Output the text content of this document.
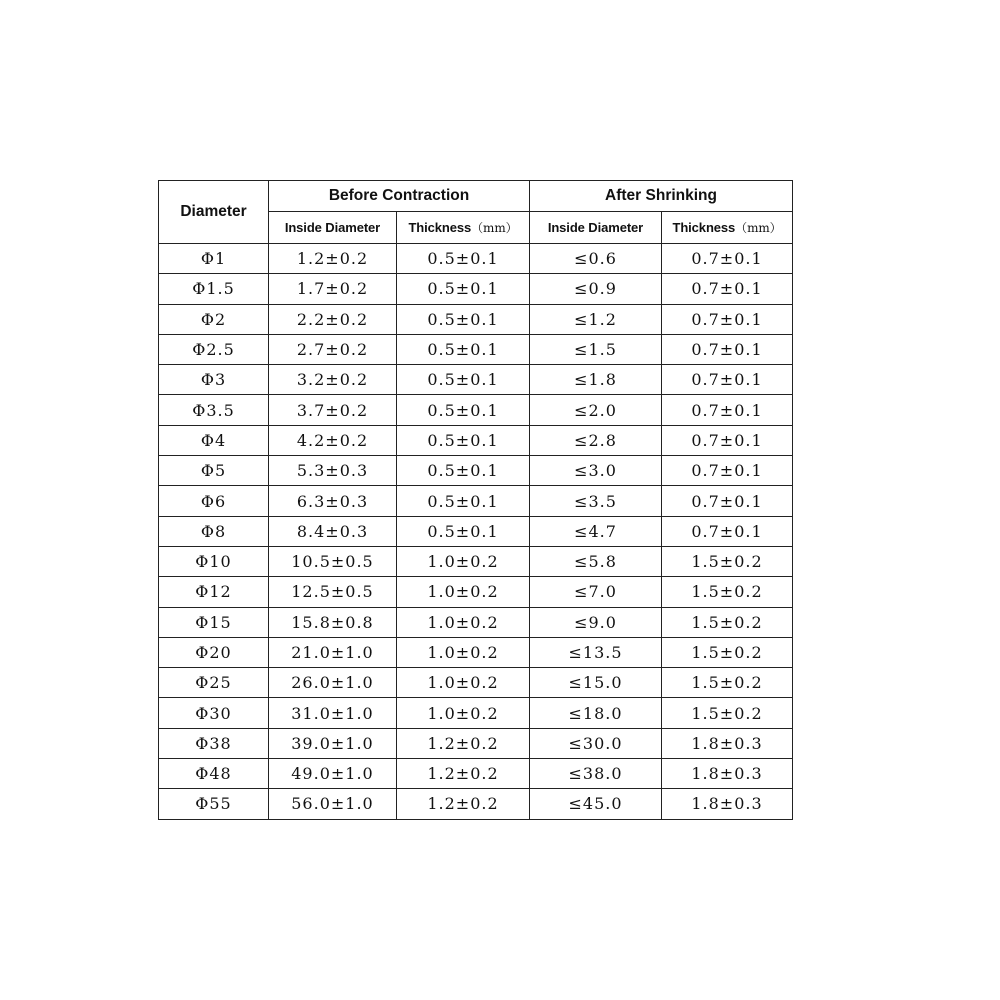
Diameter	Before Contraction		After Shrinking	
	Inside Diameter	Thickness（mm）	Inside Diameter	Thickness（mm）
Φ1	1.2±0.2	0.5±0.1	≤0.6	0.7±0.1
Φ1.5	1.7±0.2	0.5±0.1	≤0.9	0.7±0.1
Φ2	2.2±0.2	0.5±0.1	≤1.2	0.7±0.1
Φ2.5	2.7±0.2	0.5±0.1	≤1.5	0.7±0.1
Φ3	3.2±0.2	0.5±0.1	≤1.8	0.7±0.1
Φ3.5	3.7±0.2	0.5±0.1	≤2.0	0.7±0.1
Φ4	4.2±0.2	0.5±0.1	≤2.8	0.7±0.1
Φ5	5.3±0.3	0.5±0.1	≤3.0	0.7±0.1
Φ6	6.3±0.3	0.5±0.1	≤3.5	0.7±0.1
Φ8	8.4±0.3	0.5±0.1	≤4.7	0.7±0.1
Φ10	10.5±0.5	1.0±0.2	≤5.8	1.5±0.2
Φ12	12.5±0.5	1.0±0.2	≤7.0	1.5±0.2
Φ15	15.8±0.8	1.0±0.2	≤9.0	1.5±0.2
Φ20	21.0±1.0	1.0±0.2	≤13.5	1.5±0.2
Φ25	26.0±1.0	1.0±0.2	≤15.0	1.5±0.2
Φ30	31.0±1.0	1.0±0.2	≤18.0	1.5±0.2
Φ38	39.0±1.0	1.2±0.2	≤30.0	1.8±0.3
Φ48	49.0±1.0	1.2±0.2	≤38.0	1.8±0.3
Φ55	56.0±1.0	1.2±0.2	≤45.0	1.8±0.3
